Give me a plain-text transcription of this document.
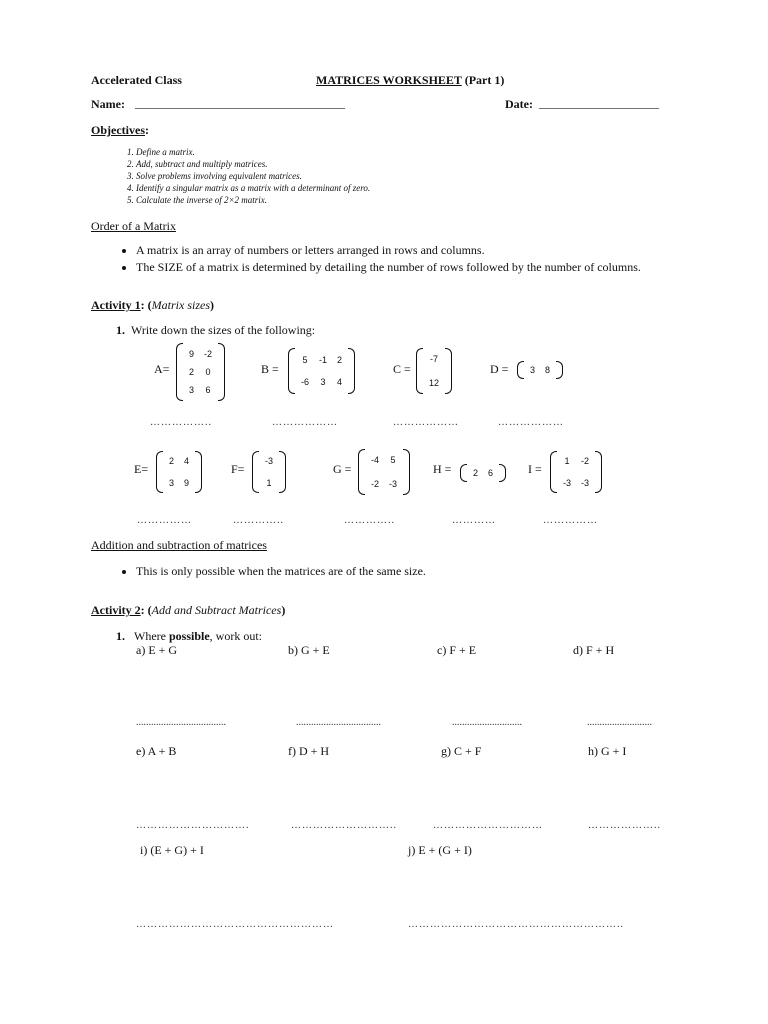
Accelerated Class	MATRICES WORKSHEET (Part 1)
Name: ___________________________________	Date: ____________________
Objectives:
1. Define a matrix.
2. Add, subtract and multiply matrices.
3. Solve problems involving equivalent matrices.
4. Identify a singular matrix as a matrix with a determinant of zero.
5. Calculate the inverse of 2×2 matrix.
Order of a Matrix
• A matrix is an array of numbers or letters arranged in rows and columns.
• The SIZE of a matrix is determined by detailing the number of rows followed by the number of columns.
Activity 1: (Matrix sizes)
1. Write down the sizes of the following:
A=
9 -2
2 0
3 6
B =
5 -1 2
-6 3 4
C =
-7
12
D = 3 8
……………..	………………	………………	………………
E=
2 4
3 9
F=
-3
1
G =
-4 5
-2 -3
H = 2 6	I =
1 -2
-3 -3
……………	…………..	…………..	…………	……………
Addition and subtraction of matrices
• This is only possible when the matrices are of the same size.
Activity 2: (Add and Subtract Matrices)
1. Where possible, work out:
a) E + G	b) G + E	c) F + E	d) F + H
....................................	..................................	............................	..........................
e) A + B	f) D + H	g) C + F	h) G + I
………………………….	………………………..	…………………………	………………..
i) (E + G) + I	j) E + (G + I)
………………………………………………	…………………………………………………..
